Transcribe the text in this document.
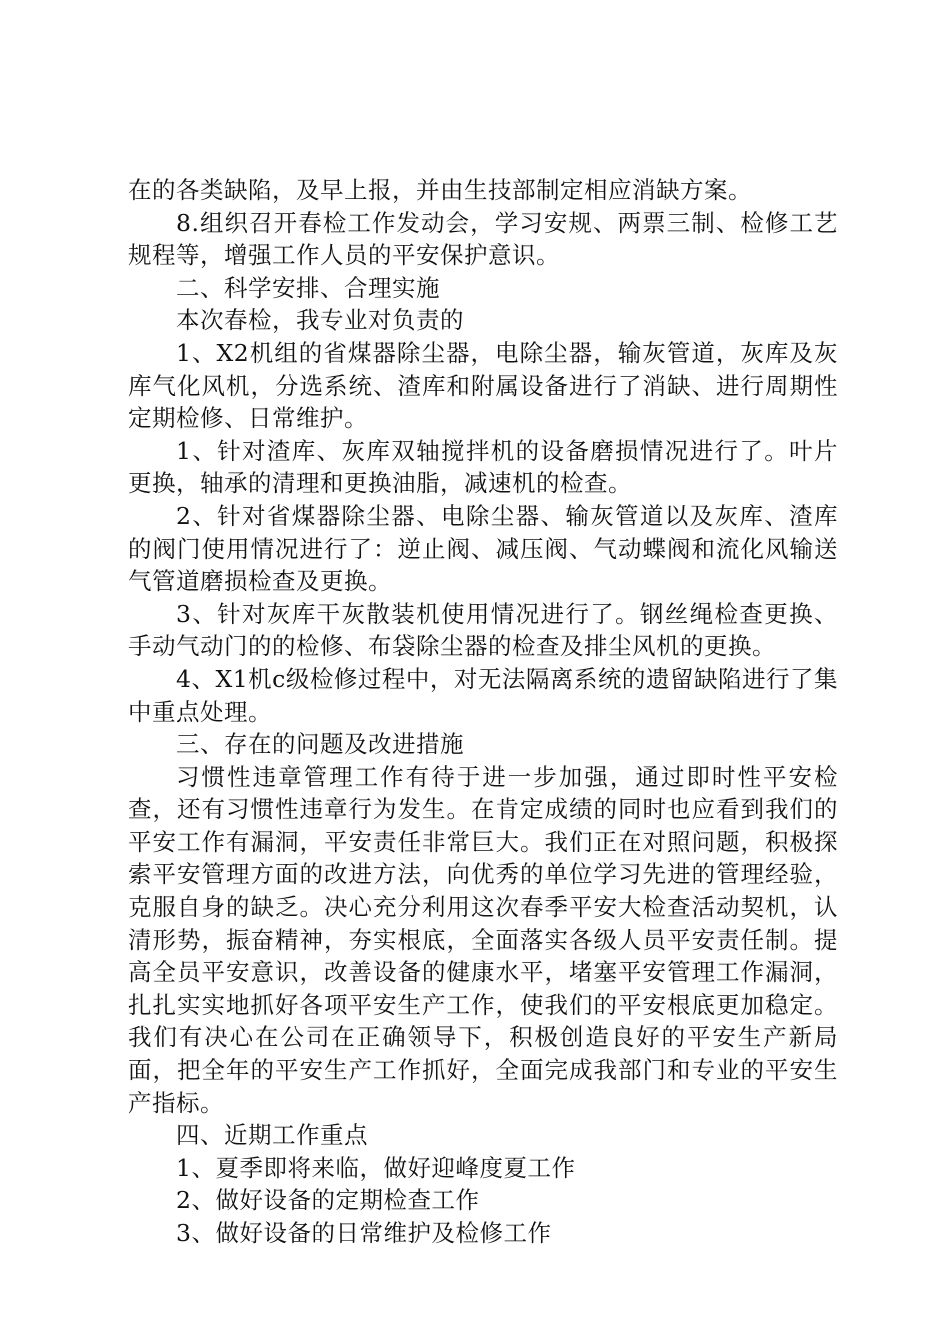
在的各类缺陷，及早上报，并由生技部制定相应消缺方案。

8.组织召开春检工作发动会，学习安规、两票三制、检修工艺规程等，增强工作人员的平安保护意识。

二、科学安排、合理实施

本次春检，我专业对负责的

1、X2机组的省煤器除尘器，电除尘器，输灰管道，灰库及灰库气化风机，分选系统、渣库和附属设备进行了消缺、进行周期性定期检修、日常维护。

1、针对渣库、灰库双轴搅拌机的设备磨损情况进行了。叶片更换，轴承的清理和更换油脂，减速机的检查。

2、针对省煤器除尘器、电除尘器、输灰管道以及灰库、渣库的阀门使用情况进行了：逆止阀、减压阀、气动蝶阀和流化风输送气管道磨损检查及更换。

3、针对灰库干灰散装机使用情况进行了。钢丝绳检查更换、手动气动门的的检修、布袋除尘器的检查及排尘风机的更换。

4、X1机c级检修过程中，对无法隔离系统的遗留缺陷进行了集中重点处理。

三、存在的问题及改进措施

习惯性违章管理工作有待于进一步加强，通过即时性平安检查，还有习惯性违章行为发生。在肯定成绩的同时也应看到我们的平安工作有漏洞，平安责任非常巨大。我们正在对照问题，积极探索平安管理方面的改进方法，向优秀的单位学习先进的管理经验，克服自身的缺乏。决心充分利用这次春季平安大检查活动契机，认清形势，振奋精神，夯实根底，全面落实各级人员平安责任制。提高全员平安意识，改善设备的健康水平，堵塞平安管理工作漏洞，扎扎实实地抓好各项平安生产工作，使我们的平安根底更加稳定。我们有决心在公司在正确领导下，积极创造良好的平安生产新局面，把全年的平安生产工作抓好，全面完成我部门和专业的平安生产指标。

四、近期工作重点

1、夏季即将来临，做好迎峰度夏工作

2、做好设备的定期检查工作

3、做好设备的日常维护及检修工作
